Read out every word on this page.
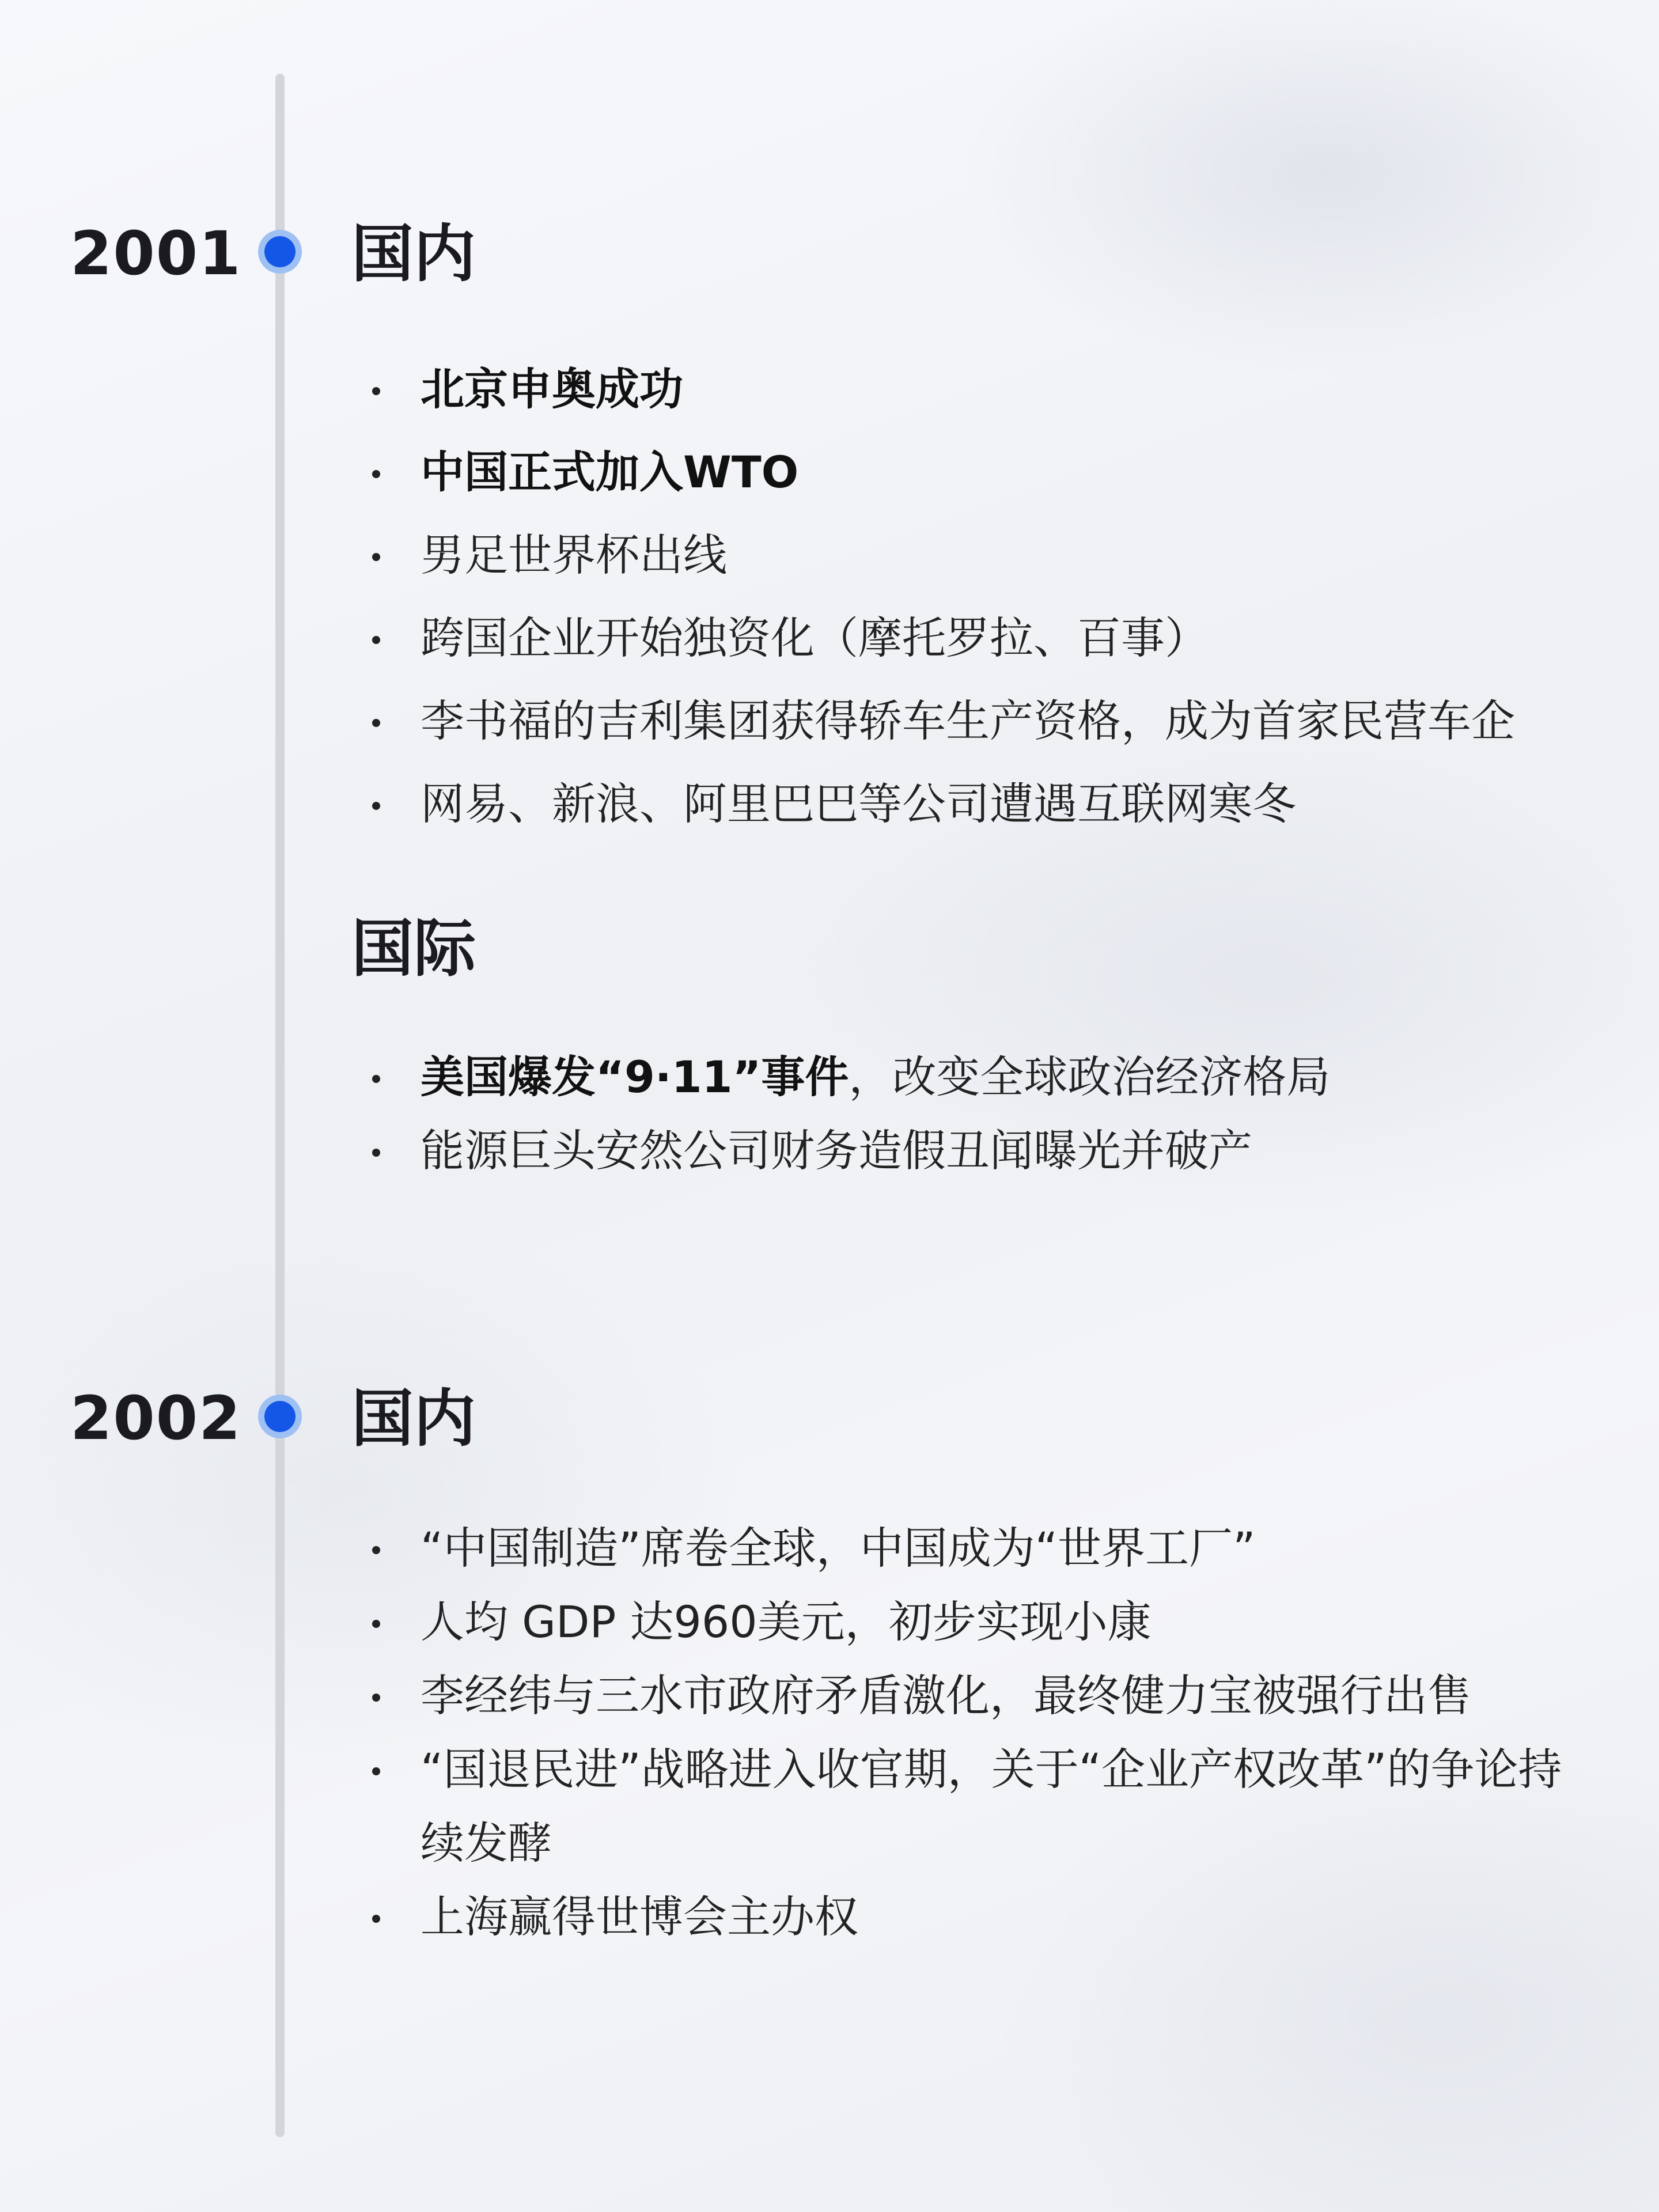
2001 国内
北京申奥成功
中国正式加入WTO
男足世界杯出线
跨国企业开始独资化（摩托罗拉、百事）
李书福的吉利集团获得轿车生产资格，成为首家民营车企
网易、新浪、阿里巴巴等公司遭遇互联网寒冬
国际
美国爆发“9·11”事件，改变全球政治经济格局
能源巨头安然公司财务造假丑闻曝光并破产
2002 国内
“中国制造”席卷全球，中国成为“世界工厂”
人均 GDP 达960美元，初步实现小康
李经纬与三水市政府矛盾激化，最终健力宝被强行出售
“国退民进”战略进入收官期，关于“企业产权改革”的争论持续发酵
上海赢得世博会主办权
